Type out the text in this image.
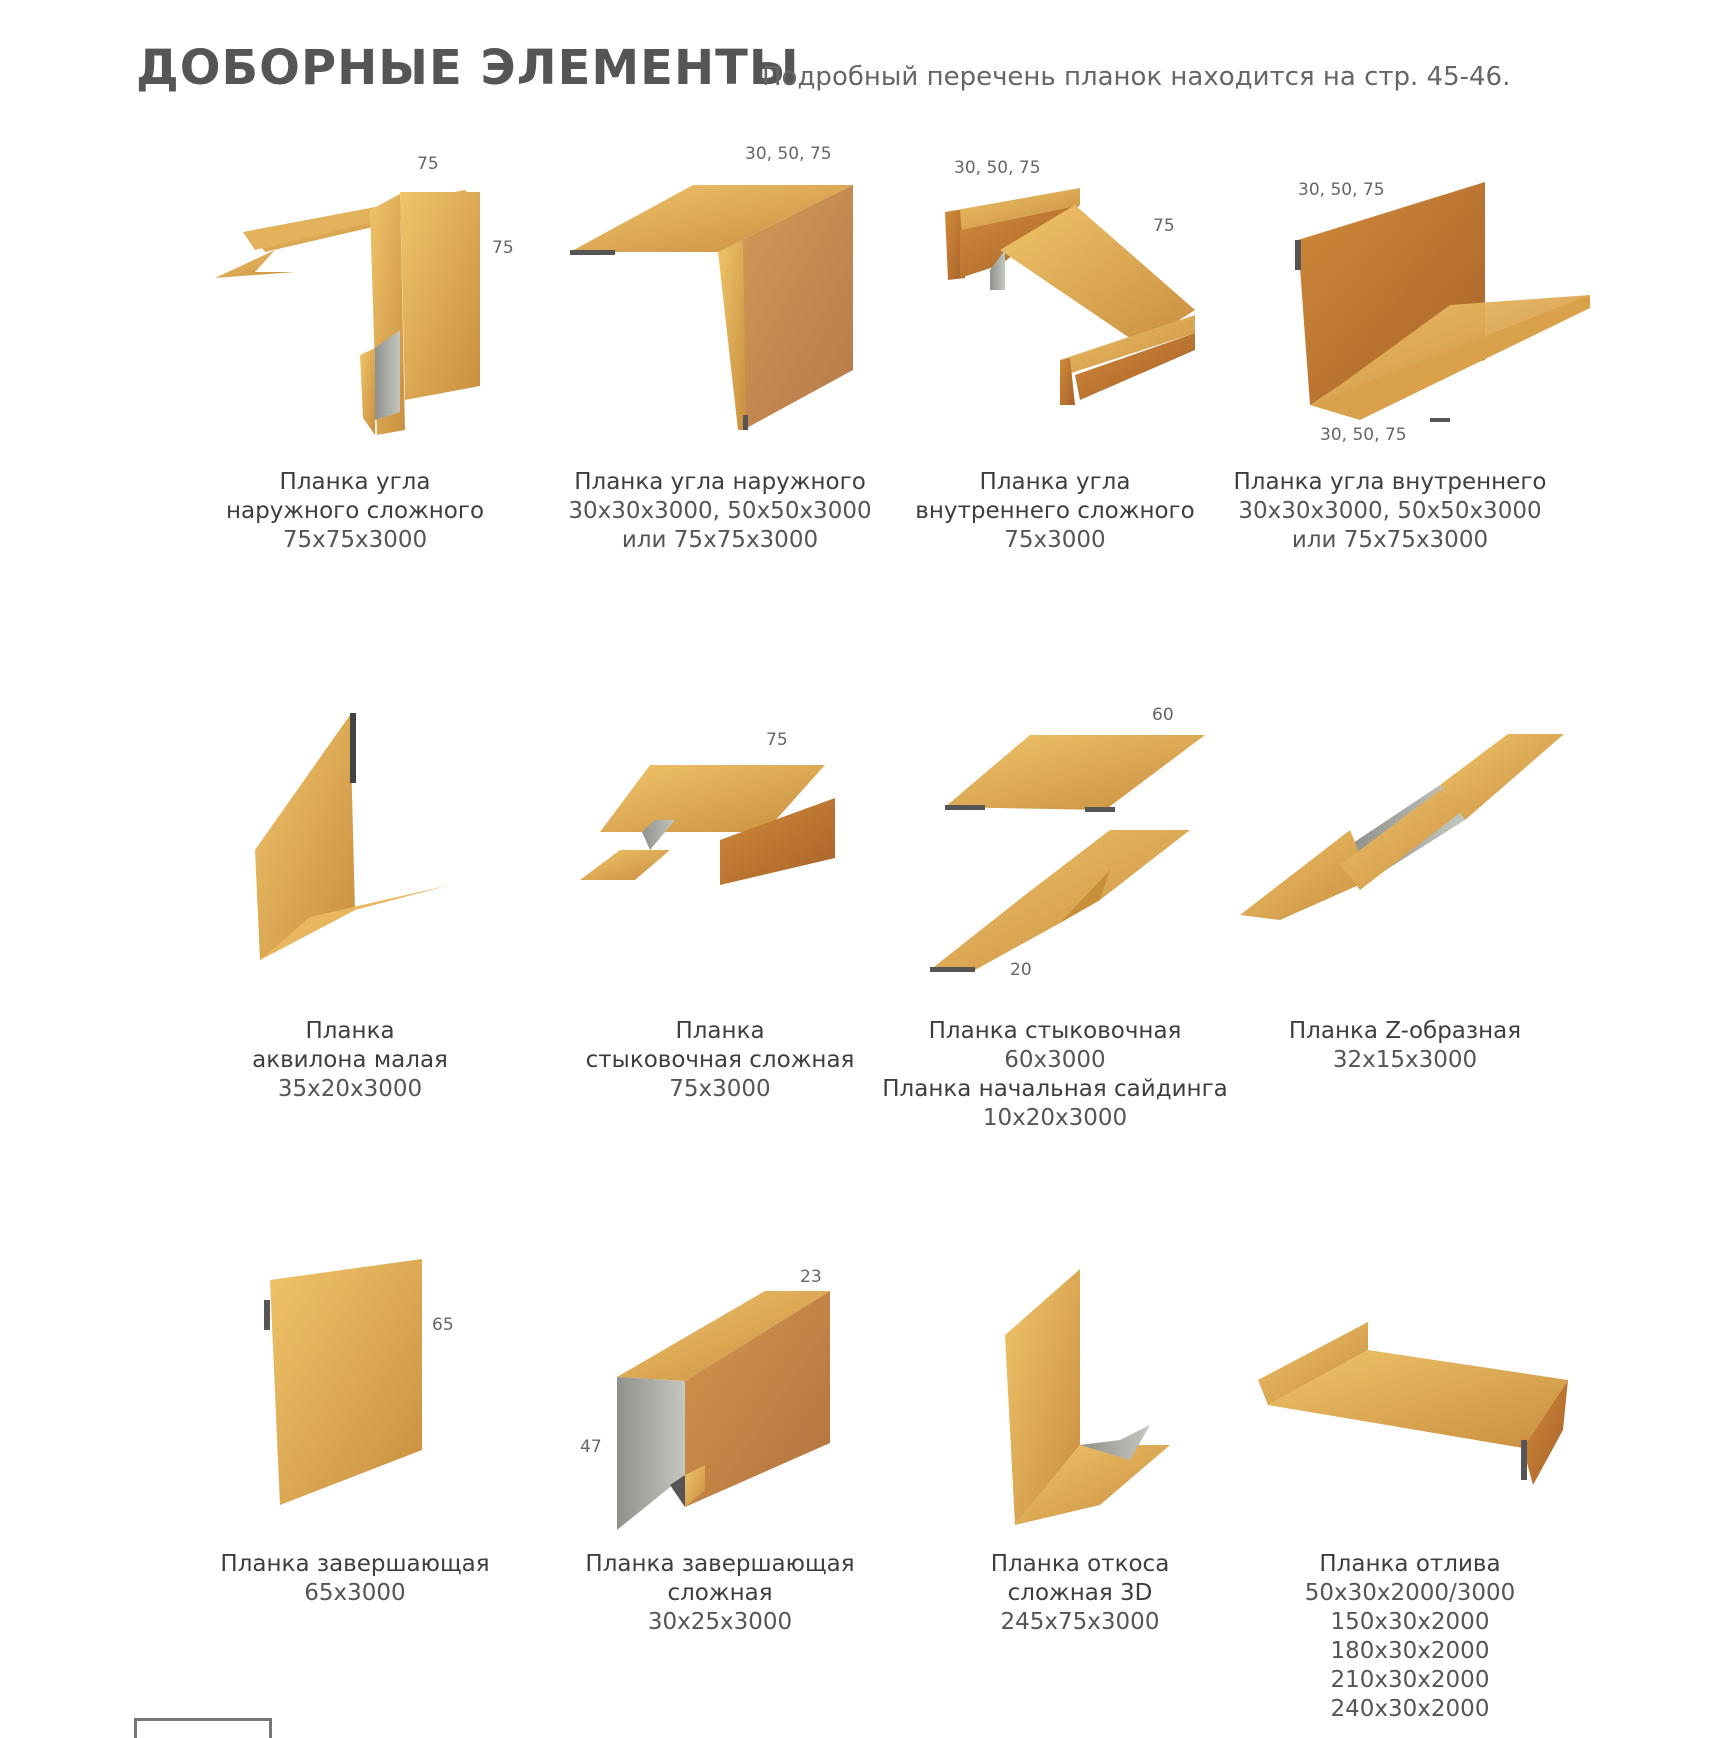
ДОБОРНЫЕ ЭЛЕМЕНТЫ
Подробный перечень планок находится на стр. 45-46.
75
75
30, 50, 75
30, 50, 75
75
30, 50, 75
30, 50, 75
75
60
20
65
23
47
Планка угла
наружного сложного
75x75x3000
Планка угла наружного
30x30x3000, 50x50x3000
или 75x75x3000
Планка угла
внутреннего сложного
75x3000
Планка угла внутреннего
30x30x3000, 50x50x3000
или 75x75x3000
Планка
аквилона малая
35x20x3000
Планка
стыковочная сложная
75x3000
Планка стыковочная
60x3000
Планка начальная сайдинга
10x20x3000
Планка Z-образная
32x15x3000
Планка завершающая
65x3000
Планка завершающая
сложная
30x25x3000
Планка откоса
сложная 3D
245x75x3000
Планка отлива
50x30x2000/3000
150x30x2000
180x30x2000
210x30x2000
240x30x2000
